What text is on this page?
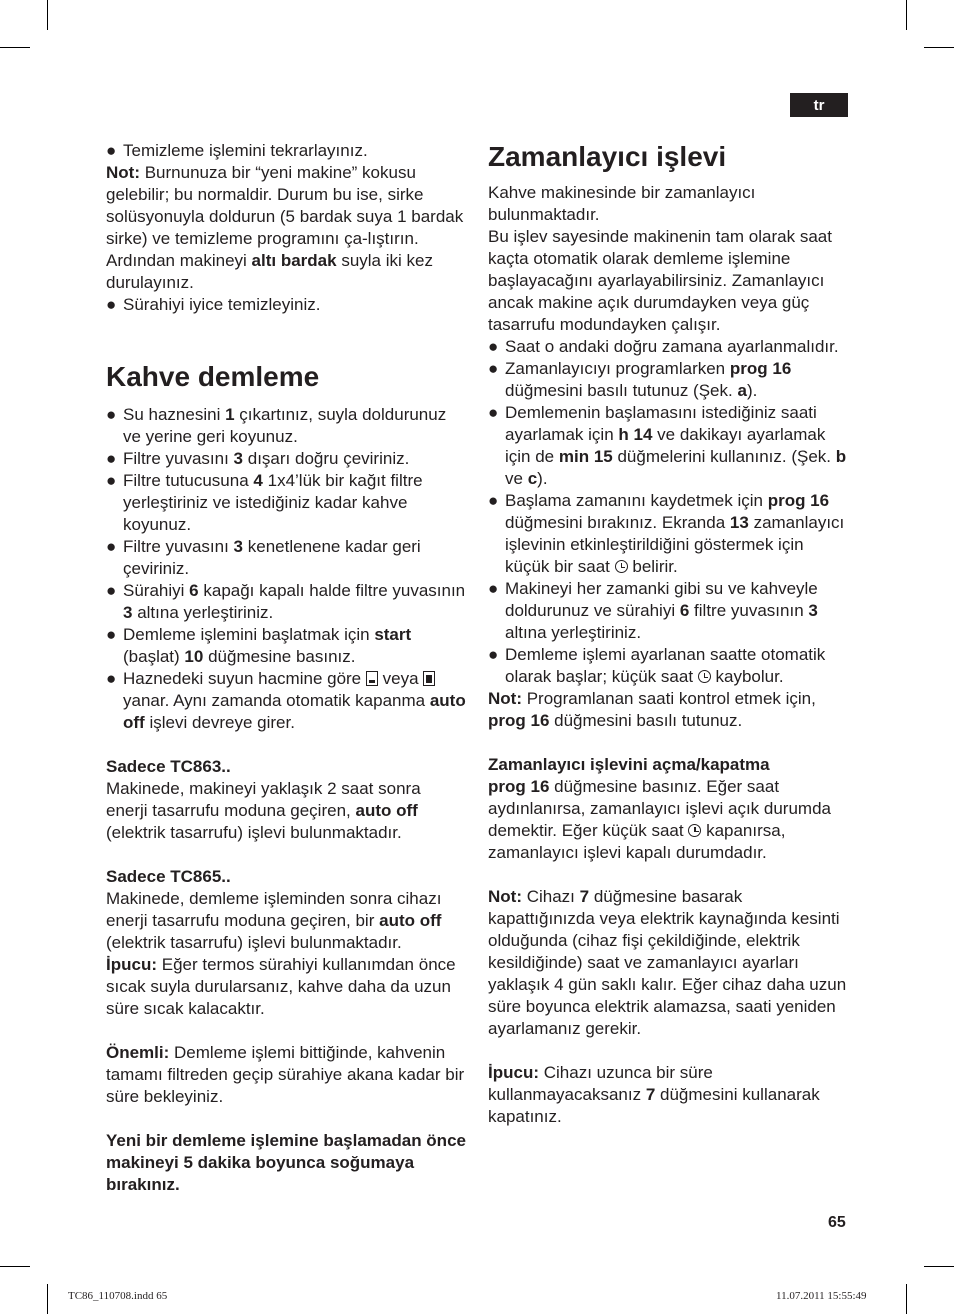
tr
● Temizleme işlemini tekrarlayınız.

Not: Burnunuza bir “yeni makine” kokusu gelebilir; bu normaldir. Durum bu ise, sirke solüsyonuyla doldurun (5 bardak suya 1 bardak sirke) ve temizleme programını ça-lıştırın. Ardından makineyi altı bardak suyla iki kez durulayınız.

● Sürahiyi iyice temizleyiniz.
Kahve demleme
● Su haznesini 1 çıkartınız, suyla doldurunuz ve yerine geri koyunuz.
● Filtre yuvasını 3 dışarı doğru çeviriniz.
● Filtre tutucusuna 4 1x4’lük bir kağıt filtre yerleştiriniz ve istediğiniz kadar kahve koyunuz.
● Filtre yuvasını 3 kenetlenene kadar geri çeviriniz.
● Sürahiyi 6 kapağı kapalı halde filtre yuvasının 3 altına yerleştiriniz.
● Demleme işlemini başlatmak için start (başlat) 10 düğmesine basınız.
● Haznedeki suyun hacmine göre veya  yanar. Aynı zamanda otomatik kapanma auto off işlevi devreye girer.

Sadece TC863..

Makinede, makineyi yaklaşık 2 saat sonra enerji tasarrufu moduna geçiren, auto off (elektrik tasarrufu) işlevi bulunmaktadır.

Sadece TC865..

Makinede, demleme işleminden sonra cihazı enerji tasarrufu moduna geçiren, bir auto off (elektrik tasarrufu) işlevi bulunmaktadır.

İpucu: Eğer termos sürahiyi kullanımdan önce sıcak suyla durularsanız, kahve daha da uzun süre sıcak kalacaktır.

Önemli: Demleme işlemi bittiğinde, kahvenin tamamı filtreden geçip sürahiye akana kadar bir süre bekleyiniz.

Yeni bir demleme işlemine başlamadan önce makineyi 5 dakika boyunca soğumaya bırakınız.

Zamanlayıcı işlevi

Kahve makinesinde bir zamanlayıcı bulunmaktadır.

Bu işlev sayesinde makinenin tam olarak saat kaçta otomatik olarak demleme işlemine başlayacağını ayarlayabilirsiniz. Zamanlayıcı ancak makine açık durumdayken veya güç tasarrufu modundayken çalışır.

● Saat o andaki doğru zamana ayarlanmalıdır.
● Zamanlayıcıyı programlarken prog 16 düğmesini basılı tutunuz (Şek. a).
● Demlemenin başlamasını istediğiniz saati ayarlamak için h 14 ve dakikayı ayarlamak için de min 15 düğmelerini kullanınız. (Şek. b ve c).
● Başlama zamanını kaydetmek için prog 16 düğmesini bırakınız. Ekranda 13 zamanlayıcı işlevinin etkinleştirildiğini göstermek için küçük bir saat belirir.
● Makineyi her zamanki gibi su ve kahveyle doldurunuz ve sürahiyi 6 filtre yuvasının 3 altına yerleştiriniz.
● Demleme işlemi ayarlanan saatte otomatik olarak başlar; küçük saat kaybolur.

Not: Programlanan saati kontrol etmek için, prog 16 düğmesini basılı tutunuz.

Zamanlayıcı işlevini açma/kapatma

prog 16 düğmesine basınız. Eğer saat aydınlanırsa, zamanlayıcı işlevi açık durumda demektir. Eğer küçük saat kapanırsa, zamanlayıcı işlevi kapalı durumdadır.

Not: Cihazı 7 düğmesine basarak kapattığınızda veya elektrik kaynağında kesinti olduğunda (cihaz fişi çekildiğinde, elektrik kesildiğinde) saat ve zamanlayıcı ayarları yaklaşık 4 gün saklı kalır. Eğer cihaz daha uzun süre boyunca elektrik alamazsa, saati yeniden ayarlamanız gerekir.

İpucu: Cihazı uzunca bir süre kullanmayacaksanız 7 düğmesini kullanarak kapatınız.

65
TC86_110708.indd 65	11.07.2011 15:55:49
